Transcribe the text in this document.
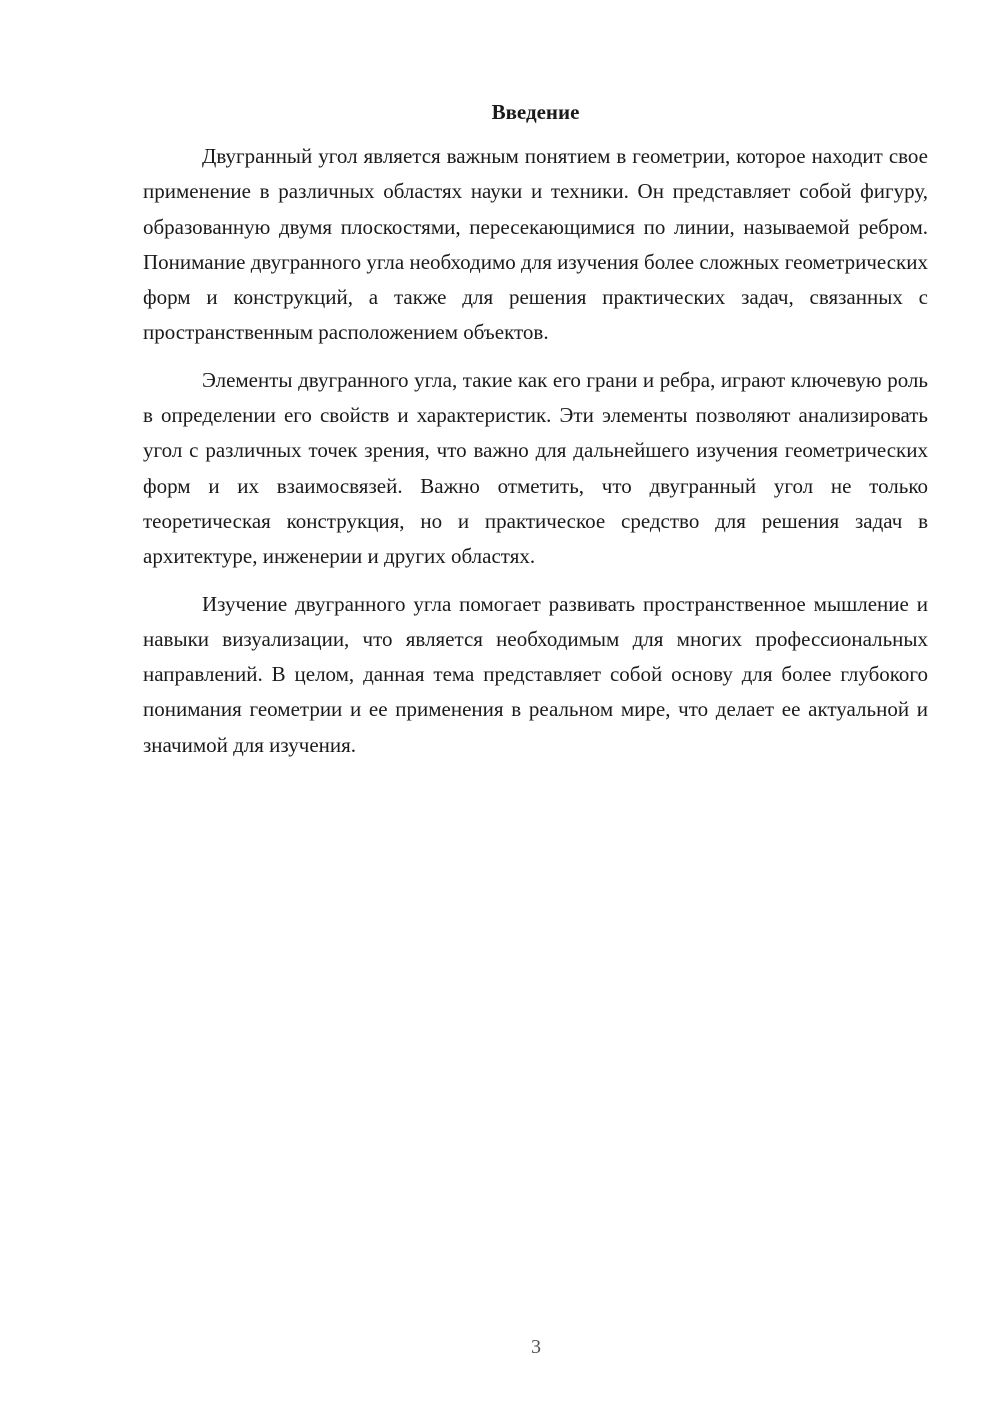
Введение

Двугранный угол является важным понятием в геометрии, которое находит свое применение в различных областях науки и техники. Он представляет собой фигуру, образованную двумя плоскостями, пересекающимися по линии, называемой ребром. Понимание двугранного угла необходимо для изучения более сложных геометрических форм и конструкций, а также для решения практических задач, связанных с пространственным расположением объектов.

Элементы двугранного угла, такие как его грани и ребра, играют ключевую роль в определении его свойств и характеристик. Эти элементы позволяют анализировать угол с различных точек зрения, что важно для дальнейшего изучения геометрических форм и их взаимосвязей. Важно отметить, что двугранный угол не только теоретическая конструкция, но и практическое средство для решения задач в архитектуре, инженерии и других областях.

Изучение двугранного угла помогает развивать пространственное мышление и навыки визуализации, что является необходимым для многих профессиональных направлений. В целом, данная тема представляет собой основу для более глубокого понимания геометрии и ее применения в реальном мире, что делает ее актуальной и значимой для изучения.

3
